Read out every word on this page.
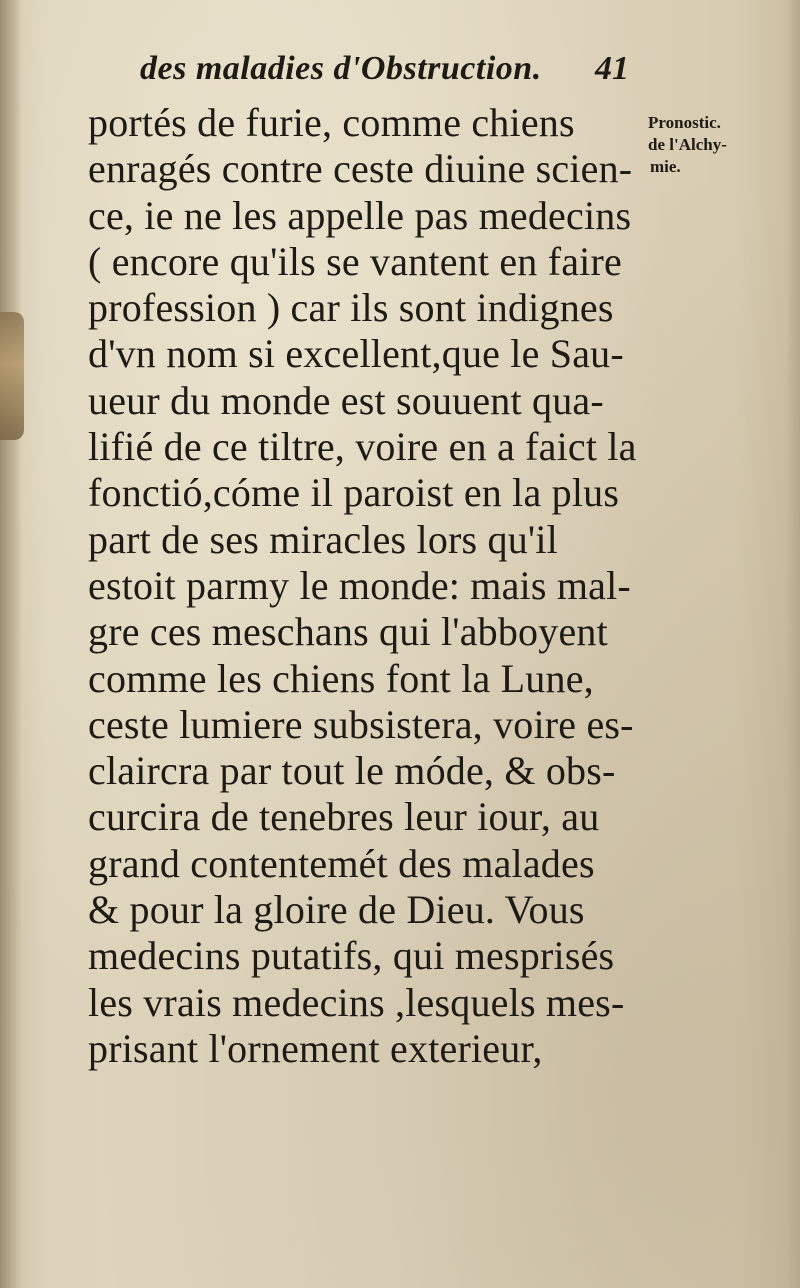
des maladies d'Obstruction. 41
portés de furie, comme chiens
enragés contre ceste diuine scien-
ce, ie ne les appelle pas medecins
( encore qu'ils se vantent en faire
profession ) car ils sont indignes
d'vn nom si excellent,que le Sau-
ueur du monde est souuent qua-
lifié de ce tiltre, voire en a faict la
fonctió,cóme il paroist en la plus
part de ses miracles lors qu'il
estoit parmy le monde: mais mal-
gre ces meschans qui l'abboyent
comme les chiens font la Lune,
ceste lumiere subsistera, voire es-
claircra par tout le móde, & obs-
curcira de tenebres leur iour, au
grand contentemét des malades
& pour la gloire de Dieu. Vous
medecins putatifs, qui mesprisés
les vrais medecins ,lesquels mes-
prisant l'ornement exterieur,
Pronostic.
de l'Alchy-
mie.
